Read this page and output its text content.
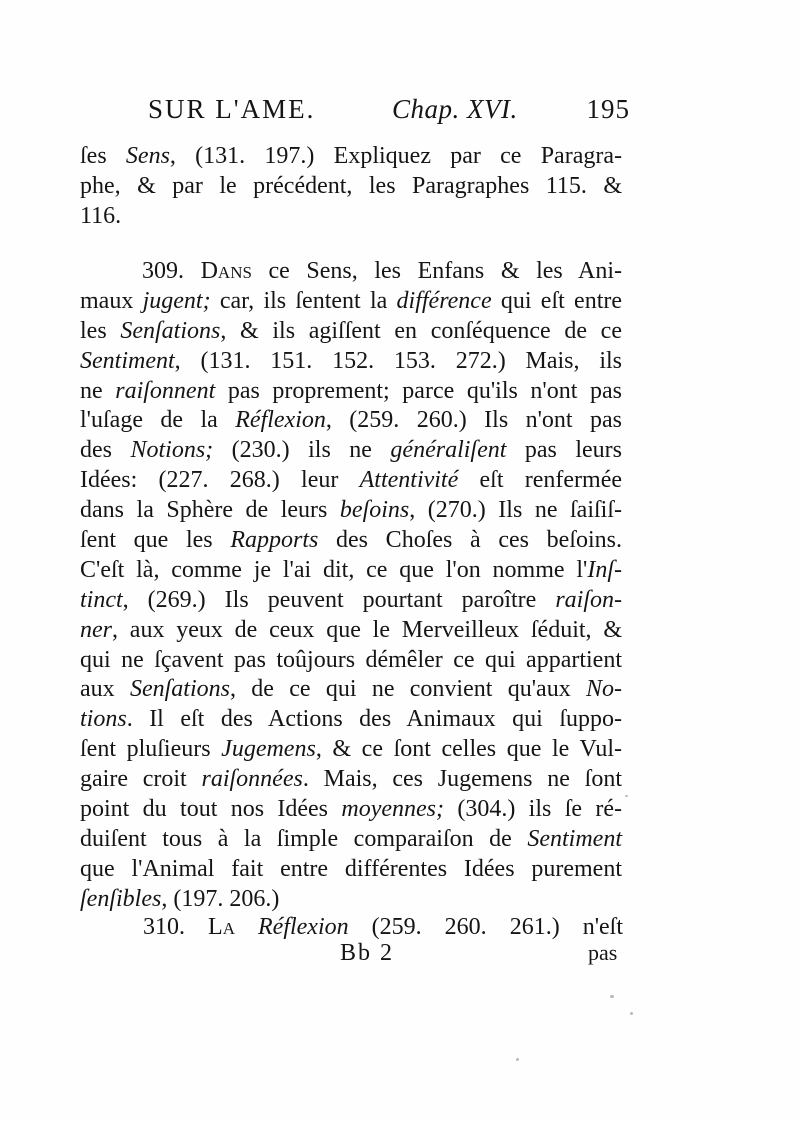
SUR L'AME.	Chap. XVI.	195
ſes Sens, (131. 197.) Expliquez par ce Paragra-
phe, & par le précédent, les Paragraphes 115. &
116.
309. Dans ce Sens, les Enfans & les Ani-
maux jugent; car, ils ſentent la différence qui eſt entre
les Senſations, & ils agiſſent en conſéquence de ce
Sentiment, (131. 151. 152. 153. 272.) Mais, ils
ne raiſonnent pas proprement; parce qu'ils n'ont pas
l'uſage de la Réflexion, (259. 260.) Ils n'ont pas
des Notions; (230.) ils ne généraliſent pas leurs
Idées: (227. 268.) leur Attentivité eſt renfermée
dans la Sphère de leurs beſoins, (270.) Ils ne ſaiſiſ-
ſent que les Rapports des Choſes à ces beſoins.
C'eſt là, comme je l'ai dit, ce que l'on nomme l'Inſ-
tinct, (269.) Ils peuvent pourtant paroître raiſon-
ner, aux yeux de ceux que le Merveilleux ſéduit, &
qui ne ſçavent pas toûjours démêler ce qui appartient
aux Senſations, de ce qui ne convient qu'aux No-
tions. Il eſt des Actions des Animaux qui ſuppo-
ſent pluſieurs Jugemens, & ce ſont celles que le Vul-
gaire croit raiſonnées. Mais, ces Jugemens ne ſont
point du tout nos Idées moyennes; (304.) ils ſe ré-
duiſent tous à la ſimple comparaiſon de Sentiment
que l'Animal fait entre différentes Idées purement
ſenſibles, (197. 206.)
310. La Réflexion (259. 260. 261.) n'eſt
Bb 2	pas
